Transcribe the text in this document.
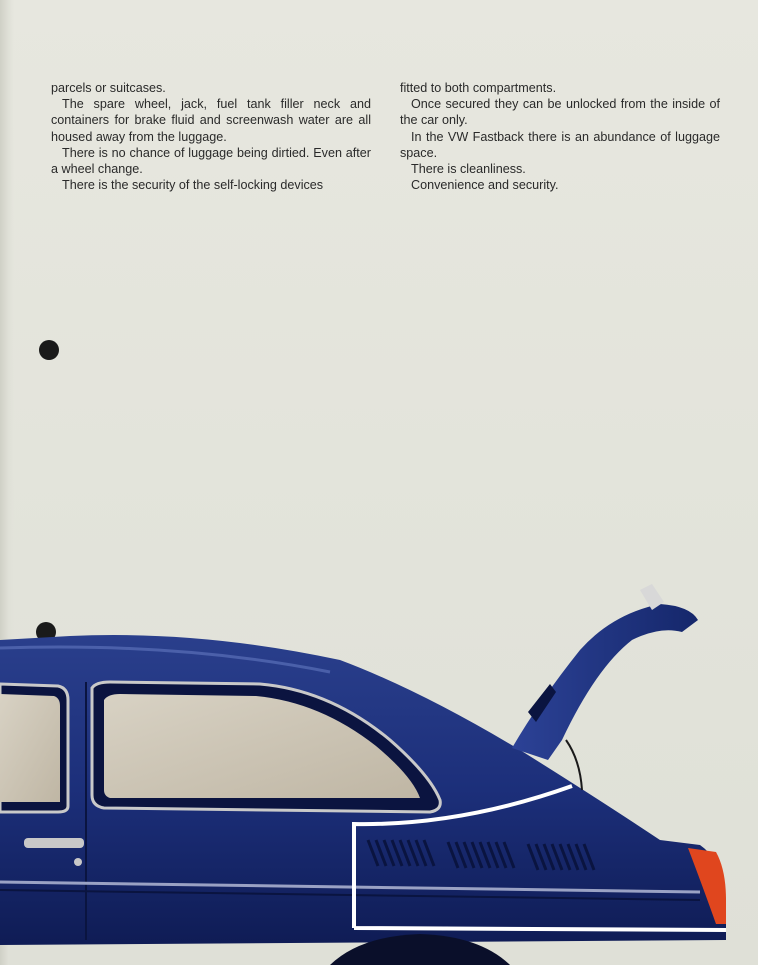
parcels or suitcases.

The spare wheel, jack, fuel tank filler neck and containers for brake fluid and screenwash water are all housed away from the luggage.

There is no chance of luggage being dirtied. Even after a wheel change.

There is the security of the self-locking devices

fitted to both compartments.

Once secured they can be unlocked from the inside of the car only.

In the VW Fastback there is an abundance of luggage space.

There is cleanliness.

Convenience and security.
